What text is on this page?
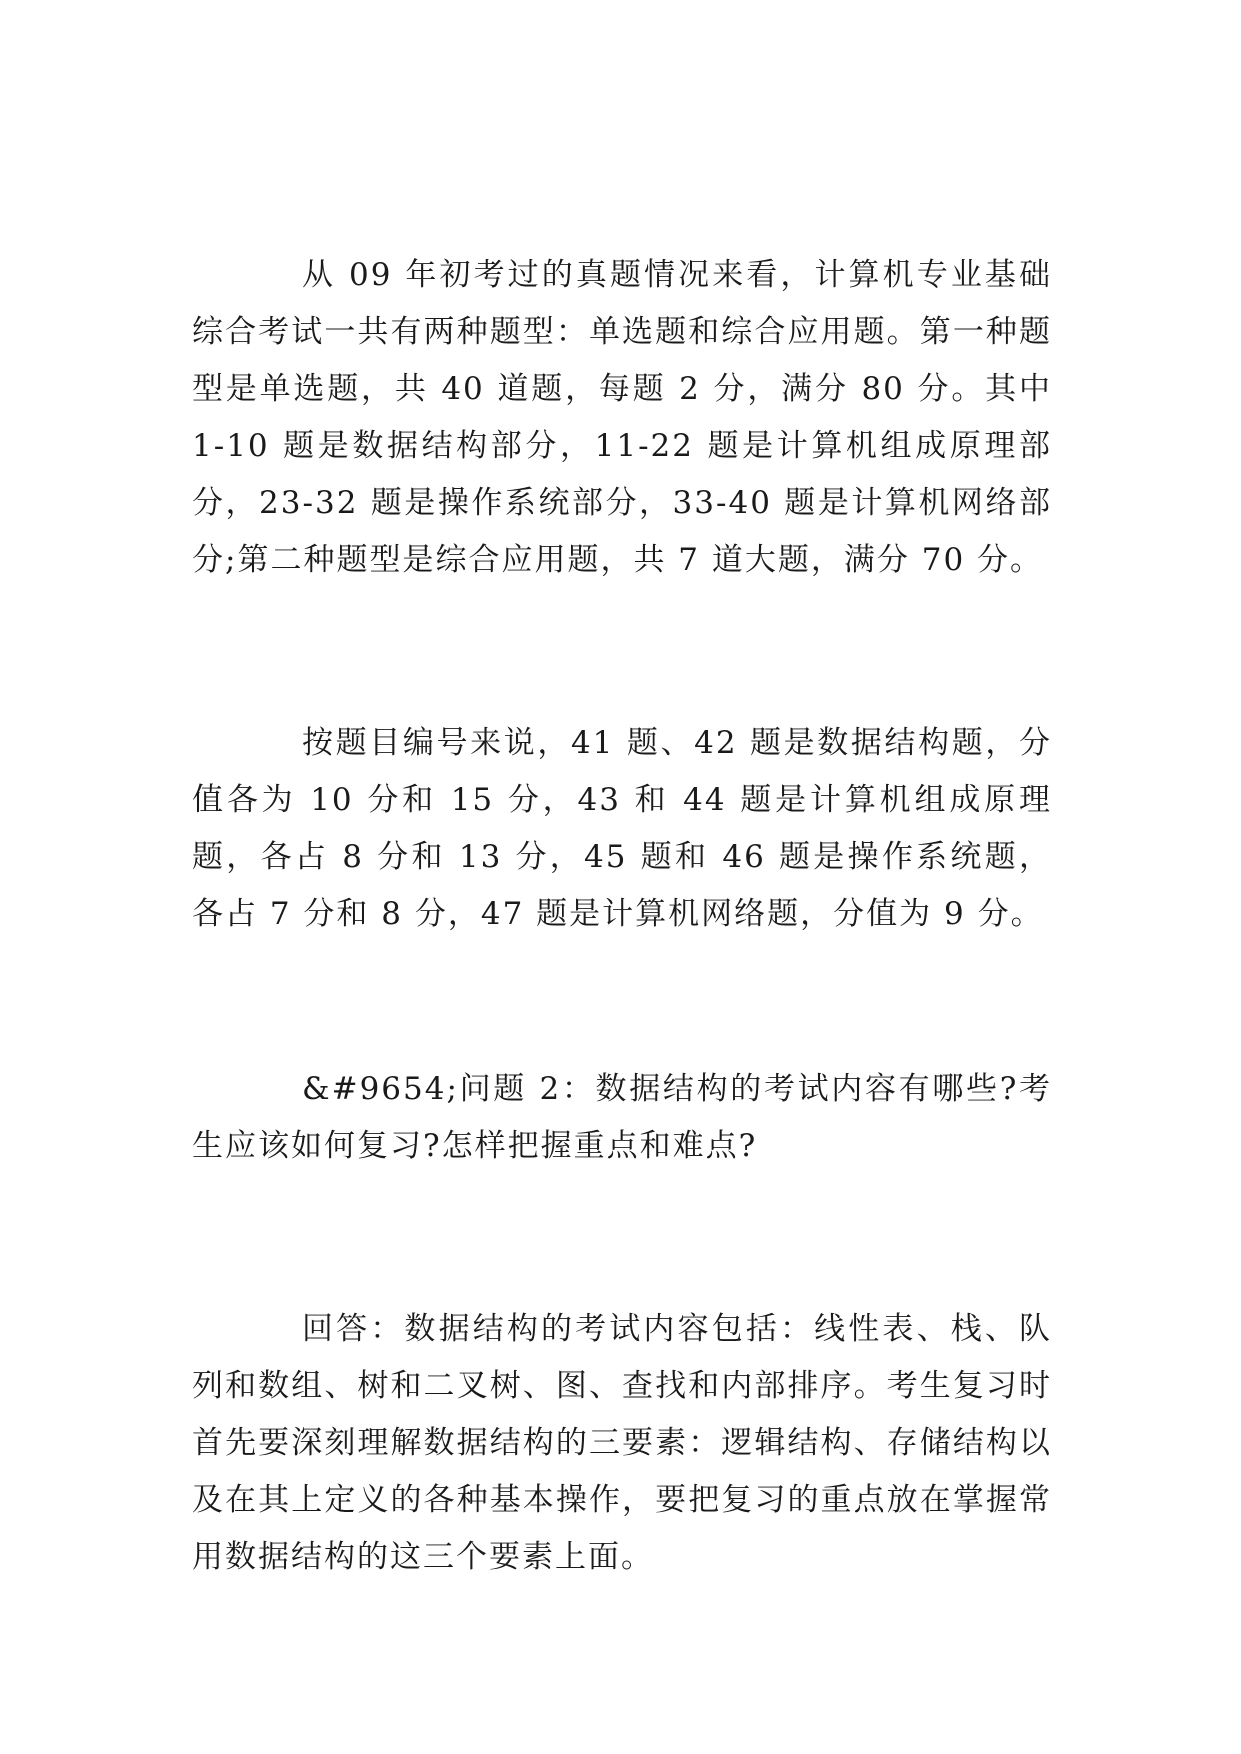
从 09 年初考过的真题情况来看，计算机专业基础综合考试一共有两种题型：单选题和综合应用题。第一种题型是单选题，共 40 道题，每题 2 分，满分 80 分。其中 1-10 题是数据结构部分，11-22 题是计算机组成原理部分，23-32 题是操作系统部分，33-40 题是计算机网络部分;第二种题型是综合应用题，共 7 道大题，满分 70 分。

按题目编号来说，41 题、42 题是数据结构题，分值各为 10 分和 15 分，43 和 44 题是计算机组成原理题，各占 8 分和 13 分，45 题和 46 题是操作系统题，各占 7 分和 8 分，47 题是计算机网络题，分值为 9 分。

&#9654;问题 2：数据结构的考试内容有哪些?考生应该如何复习?怎样把握重点和难点?

回答：数据结构的考试内容包括：线性表、栈、队列和数组、树和二叉树、图、查找和内部排序。考生复习时首先要深刻理解数据结构的三要素：逻辑结构、存储结构以及在其上定义的各种基本操作，要把复习的重点放在掌握常用数据结构的这三个要素上面。
